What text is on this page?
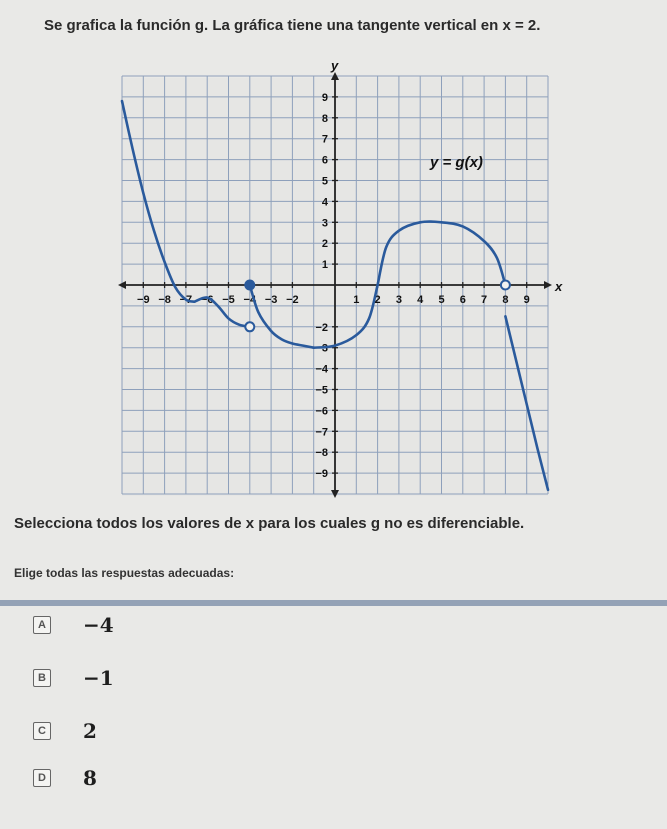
Se grafica la función g. La gráfica tiene una tangente vertical en x = 2.
−9 −8 −7 −6 −5 −4 −3 −2	1 2 3 4 5 6 7 8 9
9
8
7
6
5
4
3
2
1
−2
−3
−4
−5
−6
−7
−8
−9
y = g(x)
x
y
Selecciona todos los valores de x para los cuales g no es diferenciable.
Elige todas las respuestas adecuadas:
A −4
B −1
C 2
D 8
